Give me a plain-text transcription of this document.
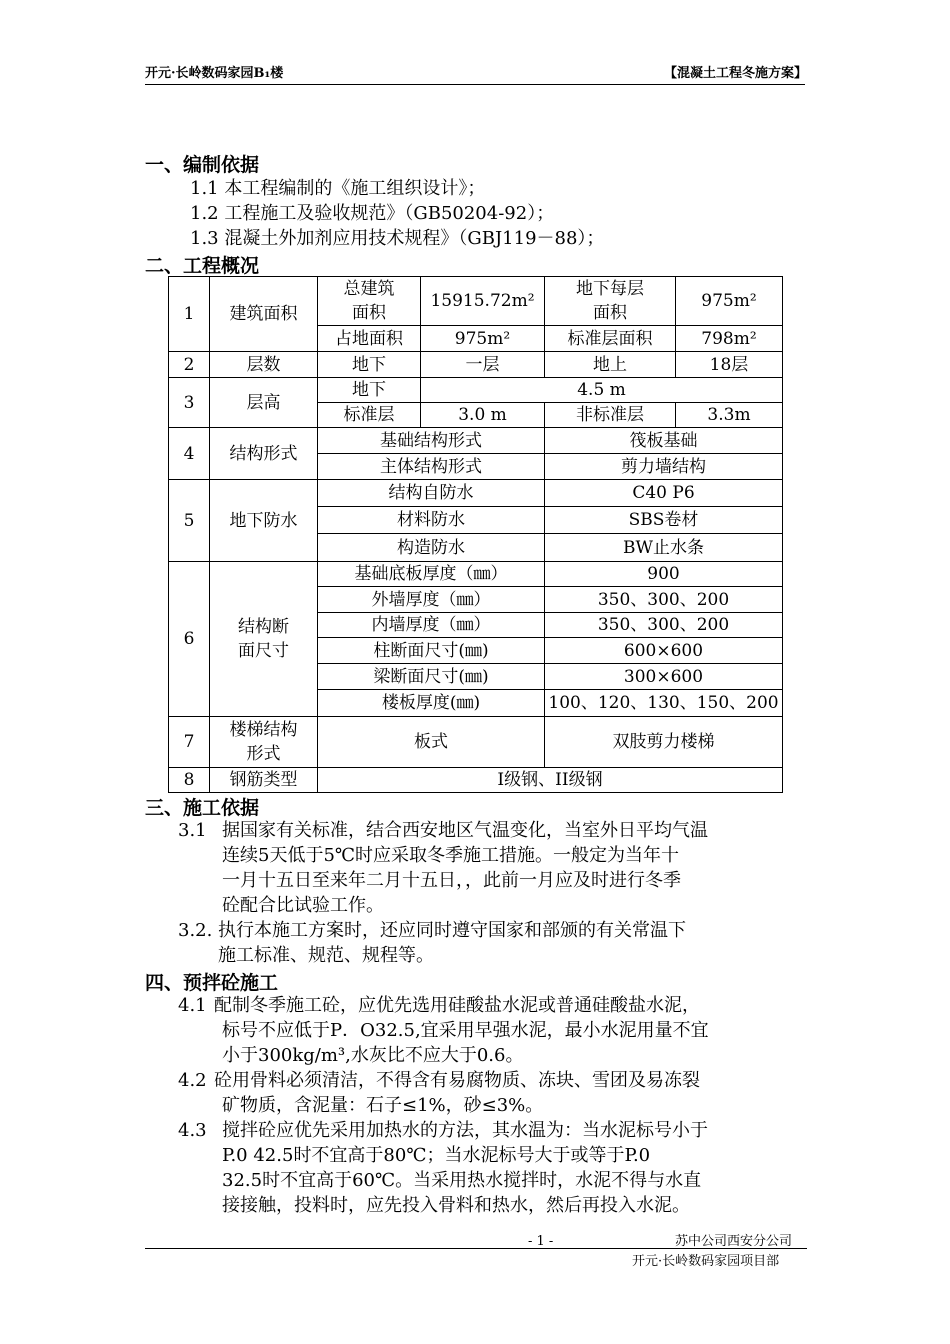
开元·长岭数码家园B₁楼	【混凝土工程冬施方案】
一、编制依据
1.1 本工程编制的《施工组织设计》；
1.2 工程施工及验收规范》（GB50204-92）；
1.3 混凝土外加剂应用技术规程》（GBJ119－88）；
二、工程概况
1	建筑面积	总建筑面积	15915.72m²	地下每层面积	975m²
		占地面积	975m²	标准层面积	798m²
2	层数	地下	一层	地上	18层
3	层高	地下	4.5 m		
		标准层	3.0 m	非标准层	3.3m
4	结构形式	基础结构形式		筏板基础	
		主体结构形式		剪力墙结构	
5	地下防水	结构自防水		C40 P6	
		材料防水		SBS卷材	
		构造防水		BW止水条	
6	结构断面尺寸	基础底板厚度（㎜）		900	
		外墙厚度（㎜）		350、300、200	
		内墙厚度（㎜）		350、300、200	
		柱断面尺寸(㎜)		600×600	
		梁断面尺寸(㎜)		300×600	
		楼板厚度(㎜)		100、120、130、150、200	
7	楼梯结构形式	板式		双肢剪力楼梯	
8	钢筋类型	I级钢、II级钢			
三、施工依据
3.1 据国家有关标准，结合西安地区气温变化，当室外日平均气温
连续5天低于5℃时应采取冬季施工措施。一般定为当年十
一月十五日至来年二月十五日，，此前一月应及时进行冬季
砼配合比试验工作。
3.2. 执行本施工方案时，还应同时遵守国家和部颁的有关常温下
施工标准、规范、规程等。
四、预拌砼施工
4.1 配制冬季施工砼，应优先选用硅酸盐水泥或普通硅酸盐水泥，
标号不应低于P．O32.5,宜采用早强水泥，最小水泥用量不宜
小于300kg/m³,水灰比不应大于0.6。
4.2 砼用骨料必须清洁，不得含有易腐物质、冻块、雪团及易冻裂
矿物质，含泥量：石子≤1%，砂≤3%。
4.3 搅拌砼应优先采用加热水的方法，其水温为：当水泥标号小于
P.0 42.5时不宜高于80℃；当水泥标号大于或等于P.0
32.5时不宜高于60℃。当采用热水搅拌时，水泥不得与水直
接接触，投料时，应先投入骨料和热水，然后再投入水泥。
苏中公司西安分公司
- 1 -
开元·长岭数码家园项目部
